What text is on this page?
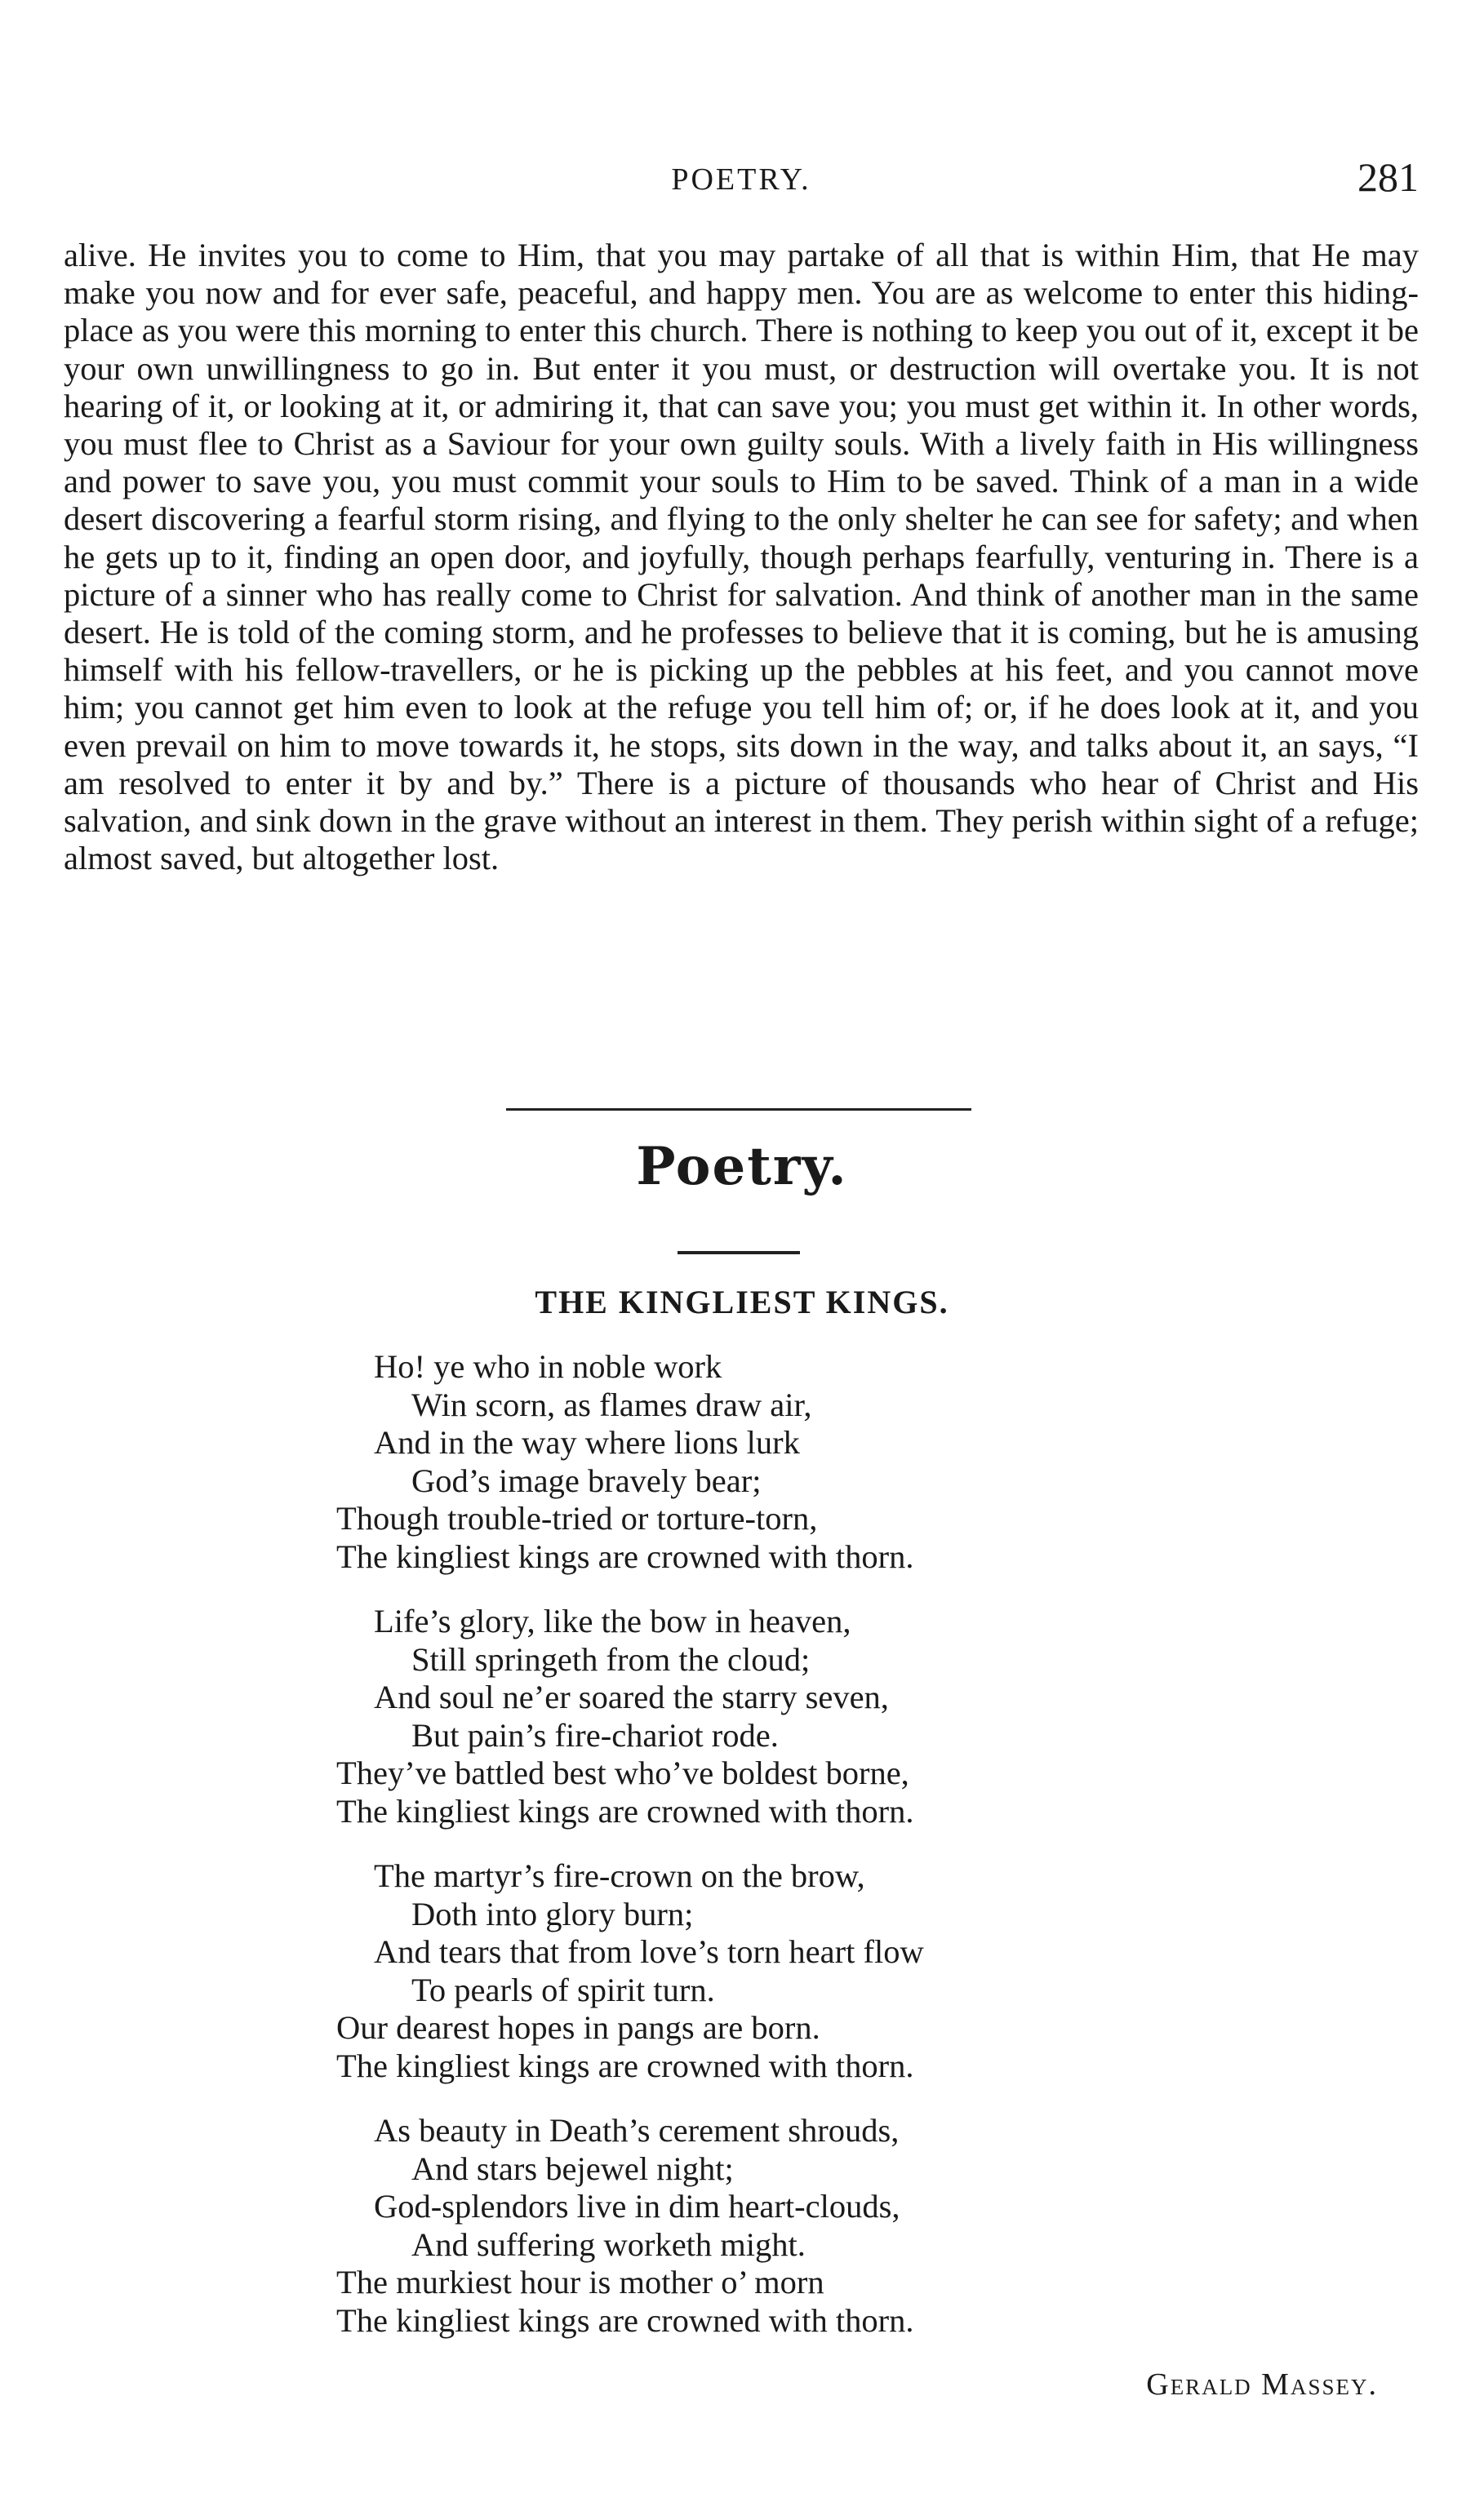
POETRY.	281

alive. He invites you to come to Him, that you may partake of all that is within Him, that He may make you now and for ever safe, peaceful, and happy men. You are as welcome to enter this hiding-place as you were this morning to enter this church. There is nothing to keep you out of it, except it be your own unwillingness to go in. But enter it you must, or destruction will overtake you. It is not hearing of it, or looking at it, or admiring it, that can save you; you must get within it. In other words, you must flee to Christ as a Saviour for your own guilty souls. With a lively faith in His willingness and power to save you, you must commit your souls to Him to be saved. Think of a man in a wide desert discovering a fearful storm rising, and flying to the only shelter he can see for safety; and when he gets up to it, finding an open door, and joyfully, though perhaps fearfully, venturing in. There is a picture of a sinner who has really come to Christ for salvation. And think of another man in the same desert. He is told of the coming storm, and he professes to believe that it is coming, but he is amusing himself with his fellow-travellers, or he is picking up the pebbles at his feet, and you cannot move him; you cannot get him even to look at the refuge you tell him of; or, if he does look at it, and you even prevail on him to move towards it, he stops, sits down in the way, and talks about it, an says, “I am resolved to enter it by and by.” There is a picture of thousands who hear of Christ and His salvation, and sink down in the grave without an interest in them. They perish within sight of a refuge; almost saved, but altogether lost.

Poetry.
THE KINGLIEST KINGS.
Ho! ye who in noble work
Win scorn, as flames draw air,
And in the way where lions lurk
God’s image bravely bear;
Though trouble-tried or torture-torn,
The kingliest kings are crowned with thorn.
Life’s glory, like the bow in heaven,
Still springeth from the cloud;
And soul ne’er soared the starry seven,
But pain’s fire-chariot rode.
They’ve battled best who’ve boldest borne,
The kingliest kings are crowned with thorn.
The martyr’s fire-crown on the brow,
Doth into glory burn;
And tears that from love’s torn heart flow
To pearls of spirit turn.
Our dearest hopes in pangs are born.
The kingliest kings are crowned with thorn.
As beauty in Death’s cerement shrouds,
And stars bejewel night;
God-splendors live in dim heart-clouds,
And suffering worketh might.
The murkiest hour is mother o’ morn
The kingliest kings are crowned with thorn.

Gerald Massey.
